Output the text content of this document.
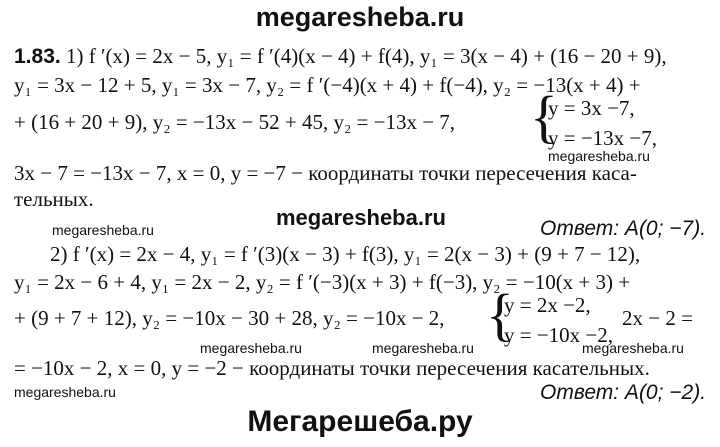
megaresheba.ru
1.83. 1) f ′(x) = 2x − 5, y₁ = f ′(4)(x − 4) + f(4), y₁ = 3(x − 4) + (16 − 20 + 9),
y₁ = 3x − 12 + 5, y₁ = 3x − 7, y₂ = f ′(−4)(x + 4) + f(−4), y₂ = −13(x + 4) +
+ (16 + 20 + 9), y₂ = −13x − 52 + 45, y₂ = −13x − 7, {
y = 3x −7,
y = −13x −7,
megaresheba.ru
3x − 7 = −13x − 7, x = 0, y = −7 − координаты точки пересечения каса-
тельных.
megaresheba.ru
megaresheba.ru	Ответ: A(0; −7).
2) f ′(x) = 2x − 4, y₁ = f ′(3)(x − 3) + f(3), y₁ = 2(x − 3) + (9 + 7 − 12),
y₁ = 2x − 6 + 4, y₁ = 2x − 2, y₂ = f ′(−3)(x + 3) + f(−3), y₂ = −10(x + 3) +
+ (9 + 7 + 12), y₂ = −10x − 30 + 28, y₂ = −10x − 2, {
y = 2x −2,
y = −10x −2,
2x − 2 =
megaresheba.ru	megaresheba.ru	megaresheba.ru
= −10x − 2, x = 0, y = −2 − координаты точки пересечения касательных.
megaresheba.ru	Ответ: A(0; −2).
Мегарешеба.ру
